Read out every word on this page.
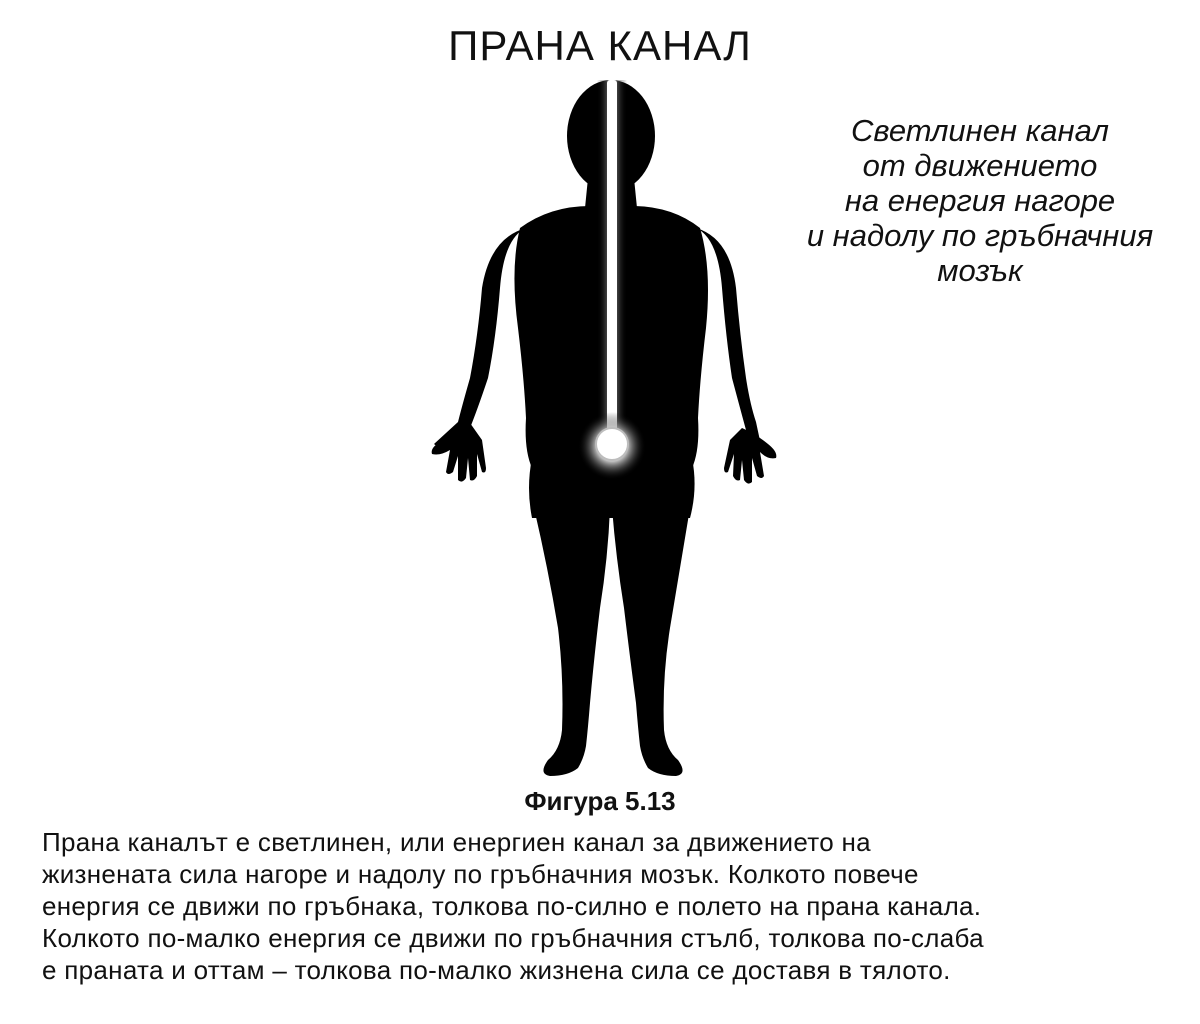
ПРАНА КАНАЛ
Светлинен канал
от движението
на енергия нагоре
и надолу по гръбначния
мозък

Фигура 5.13

Прана каналът е светлинен, или енергиен канал за движението на
жизнената сила нагоре и надолу по гръбначния мозък. Колкото повече
енергия се движи по гръбнака, толкова по-силно е полето на прана канала.
Колкото по-малко енергия се движи по гръбначния стълб, толкова по-слаба
е праната и оттам – толкова по-малко жизнена сила се доставя в тялото.
